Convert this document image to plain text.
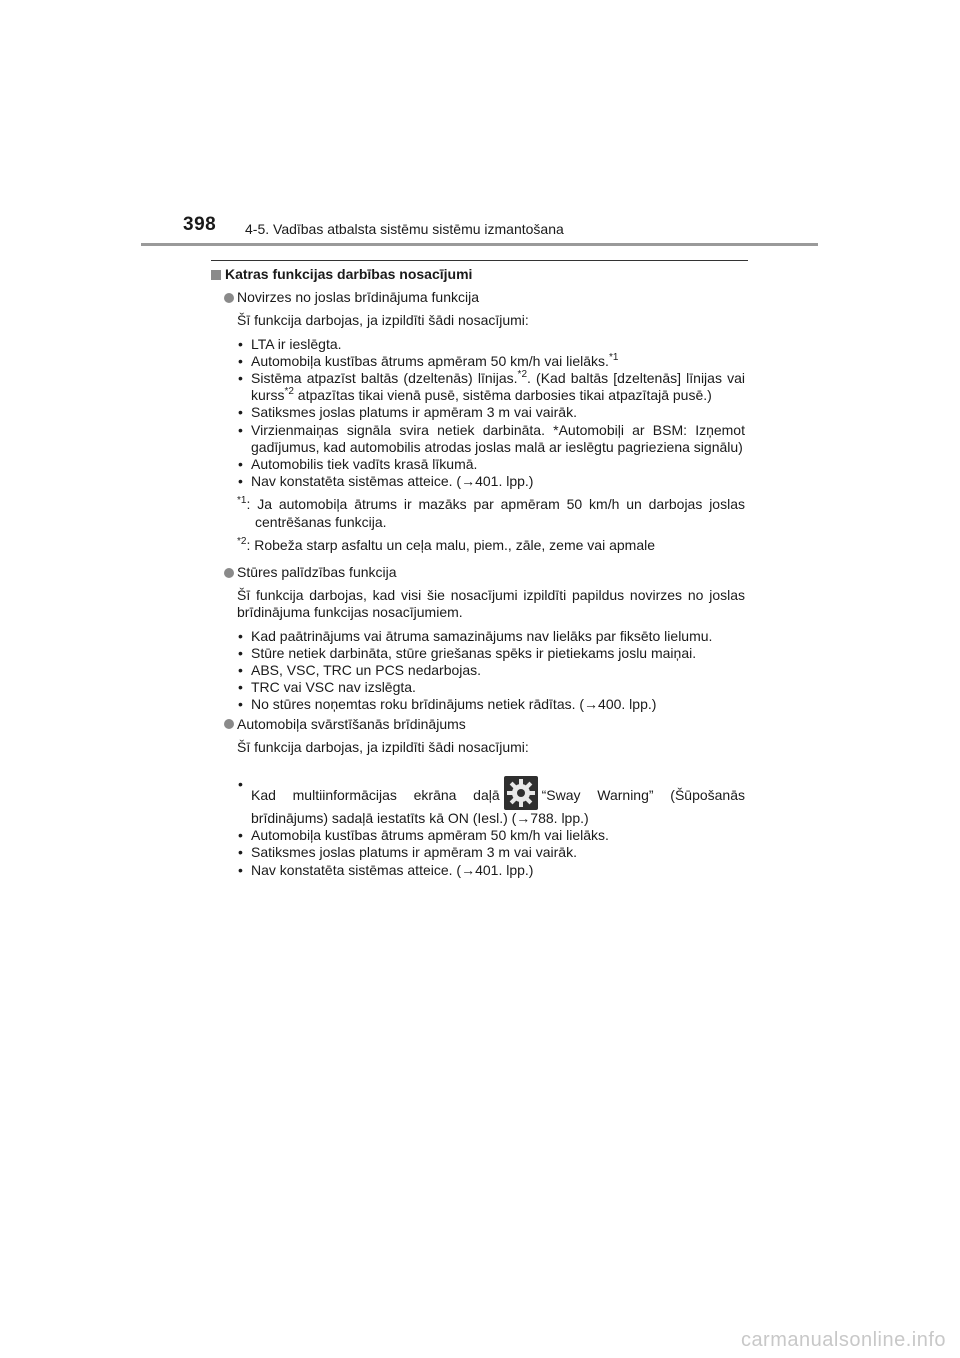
398 4-5. Vadības atbalsta sistēmu sistēmu izmantošana
Katras funkcijas darbības nosacījumi
Novirzes no joslas brīdinājuma funkcija
Šī funkcija darbojas, ja izpildīti šādi nosacījumi:
• LTA ir ieslēgta.
• Automobiļa kustības ātrums apmēram 50 km/h vai lielāks.$^{*1}$
• Sistēma atpazīst baltās (dzeltenās) līnijas.$^{*2}$. (Kad baltās [dzeltenās] līnijas vai kurss$^{*2}$ atpazītas tikai vienā pusē, sistēma darbosies tikai atpazītajā pusē.)
• Satiksmes joslas platums ir apmēram 3 m vai vairāk.
• Virzienmaiņas signāla svira netiek darbināta. *Automobiļi ar BSM: Izņemot gadījumus, kad automobilis atrodas joslas malā ar ieslēgtu pagrieziena signālu)
• Automobilis tiek vadīts krasā līkumā.
• Nav konstatēta sistēmas atteice. (→401. lpp.)
$^{*1}$: Ja automobiļa ātrums ir mazāks par apmēram 50 km/h un darbojas joslas centrēšanas funkcija.
$^{*2}$: Robeža starp asfaltu un ceļa malu, piem., zāle, zeme vai apmale
Stūres palīdzības funkcija
Šī funkcija darbojas, kad visi šie nosacījumi izpildīti papildus novirzes no joslas brīdinājuma funkcijas nosacījumiem.
• Kad paātrinājums vai ātruma samazinājums nav lielāks par fiksēto lielumu.
• Stūre netiek darbināta, stūre griešanas spēks ir pietiekams joslu maiņai.
• ABS, VSC, TRC un PCS nedarbojas.
• TRC vai VSC nav izslēgta.
• No stūres noņemtas roku brīdinājums netiek rādītas. (→400. lpp.)
Automobiļa svārstīšanās brīdinājums
Šī funkcija darbojas, ja izpildīti šādi nosacījumi:
•
Kad multiinformācijas ekrāna daļā	“Sway Warning” (Šūpošanās brīdinājums) sadaļā iestatīts kā ON (Iesl.) (→788. lpp.)
• Automobiļa kustības ātrums apmēram 50 km/h vai lielāks.
• Satiksmes joslas platums ir apmēram 3 m vai vairāk.
• Nav konstatēta sistēmas atteice. (→401. lpp.)
carmanualsonline.info
